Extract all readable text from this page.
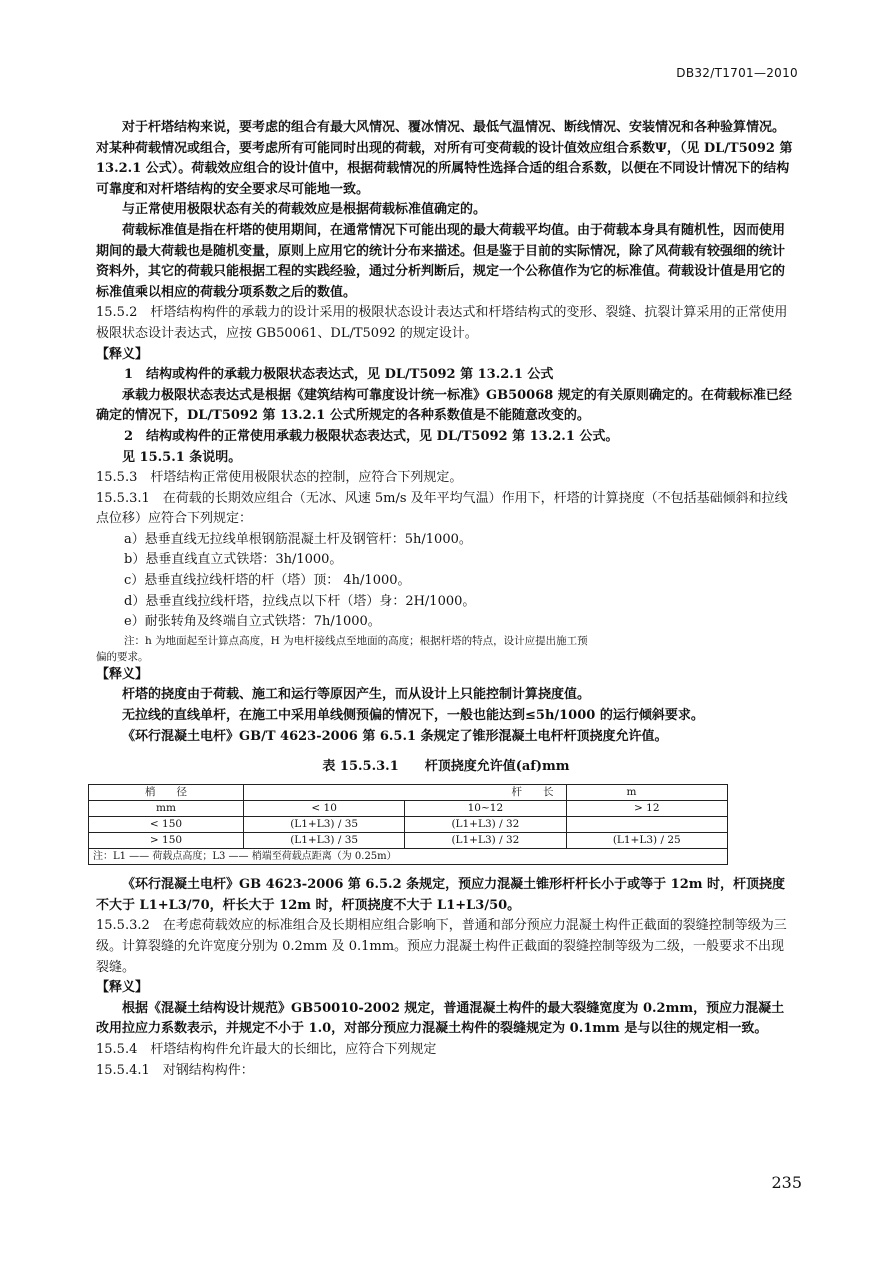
DB32/T1701—2010

对于杆塔结构来说，要考虑的组合有最大风情况、覆冰情况、最低气温情况、断线情况、安装情况和各种验算情况。对某种荷载情况或组合，要考虑所有可能同时出现的荷载，对所有可变荷载的设计值效应组合系数Ψ，（见 DL/T5092 第 13.2.1 公式）。荷载效应组合的设计值中，根据荷载情况的所属特性选择合适的组合系数，以便在不同设计情况下的结构可靠度和对杆塔结构的安全要求尽可能地一致。

与正常使用极限状态有关的荷载效应是根据荷载标准值确定的。

荷载标准值是指在杆塔的使用期间，在通常情况下可能出现的最大荷载平均值。由于荷载本身具有随机性，因而使用期间的最大荷载也是随机变量，原则上应用它的统计分布来描述。但是鉴于目前的实际情况，除了风荷载有较强细的统计资料外，其它的荷载只能根据工程的实践经验，通过分析判断后，规定一个公称值作为它的标准值。荷载设计值是用它的标准值乘以相应的荷载分项系数之后的数值。

15.5.2　杆塔结构构件的承载力的设计采用的极限状态设计表达式和杆塔结构式的变形、裂缝、抗裂计算采用的正常使用极限状态设计表达式，应按 GB50061、DL/T5092 的规定设计。

【释义】

1　结构或构件的承载力极限状态表达式，见 DL/T5092 第 13.2.1 公式

承载力极限状态表达式是根据《建筑结构可靠度设计统一标准》GB50068 规定的有关原则确定的。在荷载标准已经确定的情况下，DL/T5092 第 13.2.1 公式所规定的各种系数值是不能随意改变的。

2　结构或构件的正常使用承载力极限状态表达式，见 DL/T5092 第 13.2.1 公式。

见 15.5.1 条说明。

15.5.3　杆塔结构正常使用极限状态的控制，应符合下列规定。

15.5.3.1　在荷载的长期效应组合（无冰、风速 5m/s 及年平均气温）作用下，杆塔的计算挠度（不包括基础倾斜和拉线点位移）应符合下列规定：

a）悬垂直线无拉线单根钢筋混凝土杆及钢管杆：5h/1000。

b）悬垂直线直立式铁塔：3h/1000。

c）悬垂直线拉线杆塔的杆（塔）顶： 4h/1000。

d）悬垂直线拉线杆塔，拉线点以下杆（塔）身：2H/1000。

e）耐张转角及终端自立式铁塔：7h/1000。

注：h 为地面起至计算点高度，H 为电杆接线点至地面的高度；根据杆塔的特点，设计应提出施工预

偏的要求。

【释义】

杆塔的挠度由于荷载、施工和运行等原因产生，而从设计上只能控制计算挠度值。

无拉线的直线单杆，在施工中采用单线侧预偏的情况下，一般也能达到≤5h/1000 的运行倾斜要求。

《环行混凝土电杆》GB/T 4623-2006 第 6.5.1 条规定了锥形混凝土电杆杆顶挠度允许值。

表 15.5.3.1　　杆顶挠度允许值(af)mm
梢　　径	杆　　长		m
mm	< 10	10~12	> 12
< 150	(L1+L3) / 35	(L1+L3) / 32	
> 150	(L1+L3) / 35	(L1+L3) / 32	(L1+L3) / 25
注：L1 —— 荷载点高度；L3 —— 梢端至荷载点距离（为 0.25m）			

《环行混凝土电杆》GB 4623-2006 第 6.5.2 条规定，预应力混凝土锥形杆杆长小于或等于 12m 时，杆顶挠度不大于 L1+L3/70，杆长大于 12m 时，杆顶挠度不大于 L1+L3/50。

15.5.3.2　在考虑荷载效应的标准组合及长期相应组合影响下，普通和部分预应力混凝土构件正截面的裂缝控制等级为三级。计算裂缝的允许宽度分别为 0.2mm 及 0.1mm。预应力混凝土构件正截面的裂缝控制等级为二级，一般要求不出现裂缝。

【释义】

根据《混凝土结构设计规范》GB50010-2002 规定，普通混凝土构件的最大裂缝宽度为 0.2mm，预应力混凝土改用拉应力系数表示，并规定不小于 1.0，对部分预应力混凝土构件的裂缝规定为 0.1mm 是与以往的规定相一致。

15.5.4　杆塔结构构件允许最大的长细比，应符合下列规定

15.5.4.1　对钢结构构件：

235
